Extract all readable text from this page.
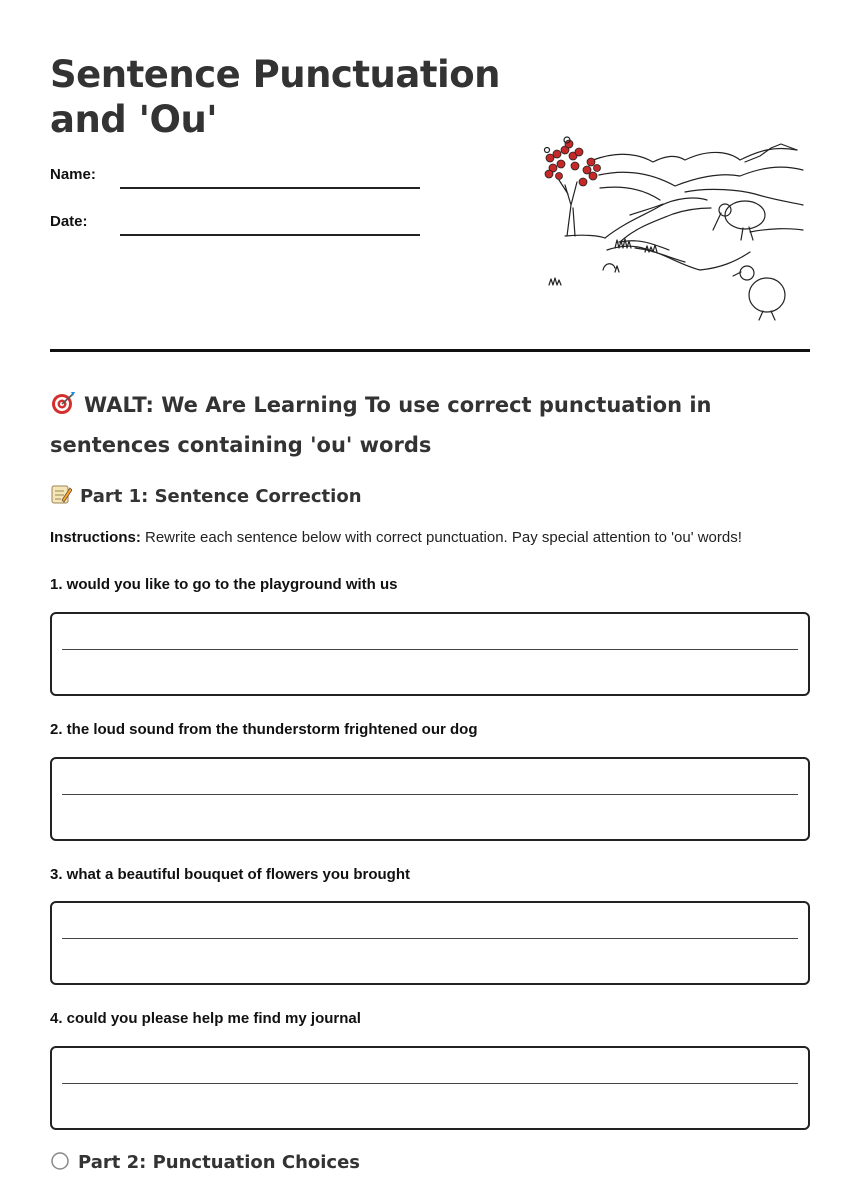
Sentence Punctuation
and 'Ou'
Name:
Date:
WALT: We Are Learning To use correct punctuation in sentences containing 'ou' words
Part 1: Sentence Correction
Instructions: Rewrite each sentence below with correct punctuation. Pay special attention to 'ou' words!
1. would you like to go to the playground with us
2. the loud sound from the thunderstorm frightened our dog
3. what a beautiful bouquet of flowers you brought
4. could you please help me find my journal
Part 2: Punctuation Choices
